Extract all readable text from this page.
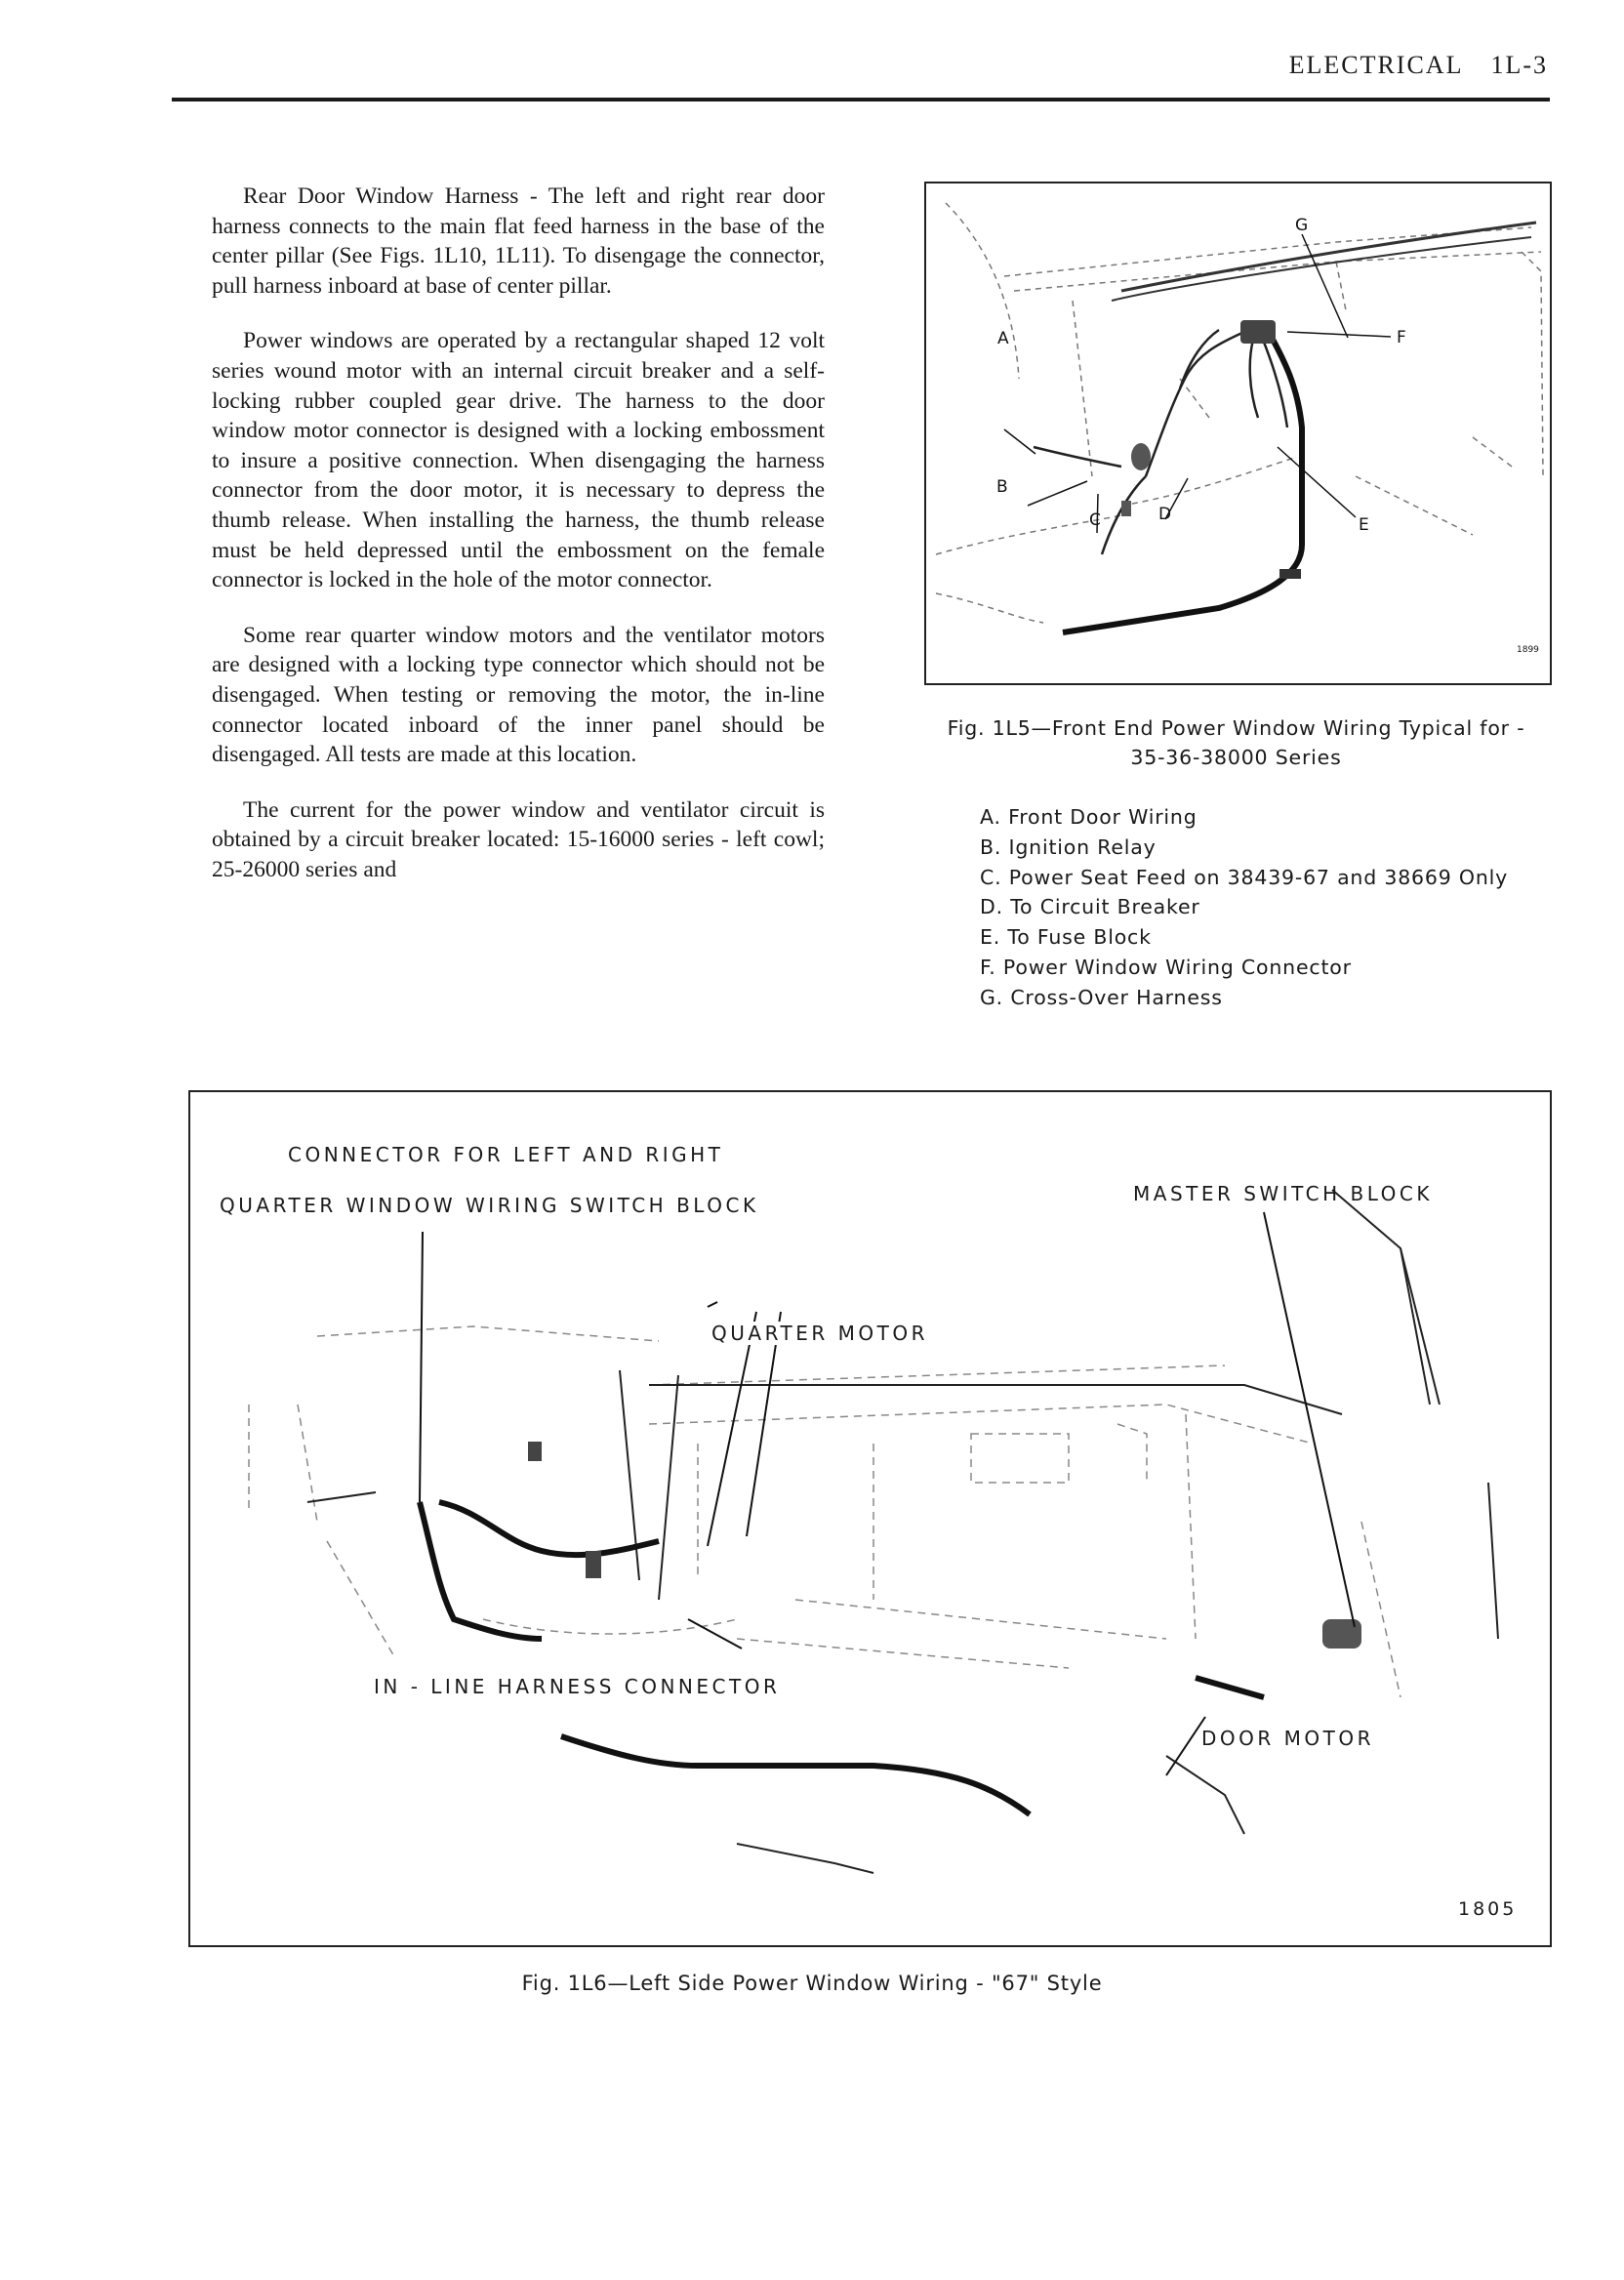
ELECTRICAL 1L-3

Rear Door Window Harness - The left and right rear door harness connects to the main flat feed harness in the base of the center pillar (See Figs. 1L10, 1L11). To disengage the connector, pull harness inboard at base of center pillar.

Power windows are operated by a rectangular shaped 12 volt series wound motor with an internal circuit breaker and a self-locking rubber coupled gear drive. The harness to the door window motor connector is designed with a locking embossment to insure a positive connection. When disengaging the harness connector from the door motor, it is necessary to depress the thumb release. When installing the harness, the thumb release must be held depressed until the embossment on the female connector is locked in the hole of the motor connector.

Some rear quarter window motors and the ventilator motors are designed with a locking type connector which should not be disengaged. When testing or removing the motor, the in-line connector located inboard of the inner panel should be disengaged. All tests are made at this location.

The current for the power window and ventilator circuit is obtained by a circuit breaker located: 15-16000 series - left cowl; 25-26000 series and

G
F
A
B
C	D
E
1899
Fig. 1L5—Front End Power Window Wiring Typical for -
35-36-38000 Series
A. Front Door Wiring
B. Ignition Relay
C. Power Seat Feed on 38439-67 and 38669 Only
D. To Circuit Breaker
E. To Fuse Block
F. Power Window Wiring Connector
G. Cross-Over Harness
CONNECTOR FOR LEFT AND RIGHT
QUARTER WINDOW WIRING SWITCH BLOCK	MASTER SWITCH BLOCK
QUARTER MOTOR
IN - LINE HARNESS CONNECTOR
DOOR MOTOR
1805
Fig. 1L6—Left Side Power Window Wiring - "67" Style
